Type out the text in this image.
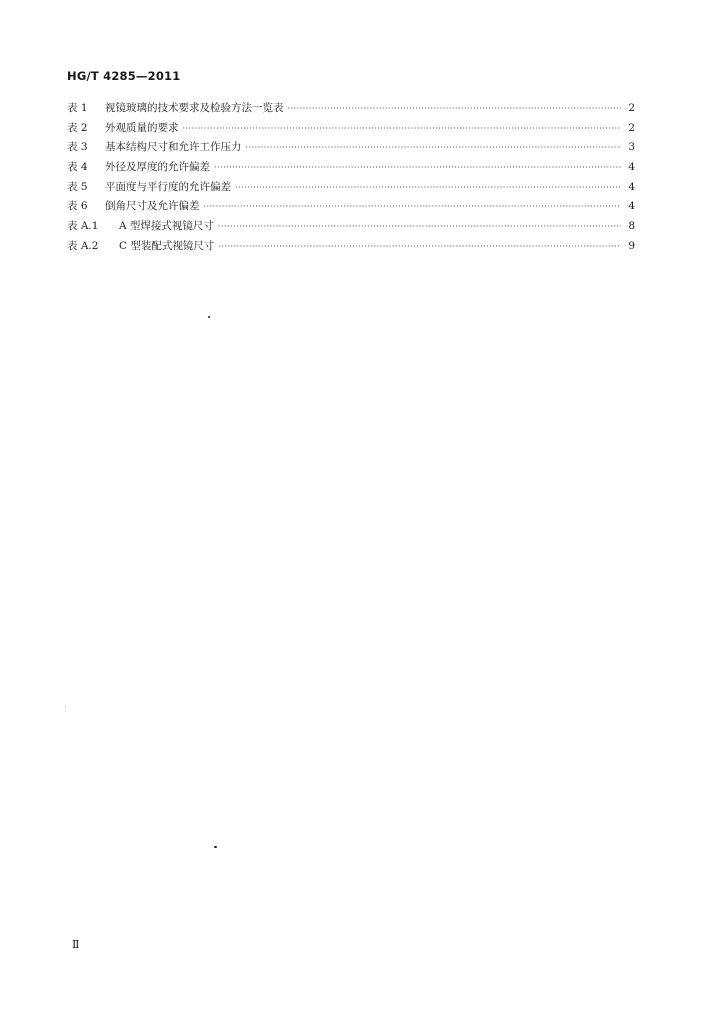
HG/T 4285—2011
表 1 视镜玻璃的技术要求及检验方法一览表 ·····	2
表 2 外观质量的要求 ·····	2
表 3 基本结构尺寸和允许工作压力 ·····	3
表 4 外径及厚度的允许偏差 ·····	4
表 5 平面度与平行度的允许偏差 ·····	4
表 6 倒角尺寸及允许偏差 ·····	4
表 A.1 A 型焊接式视镜尺寸 ·····	8
表 A.2 C 型装配式视镜尺寸 ·····	9
Ⅱ
